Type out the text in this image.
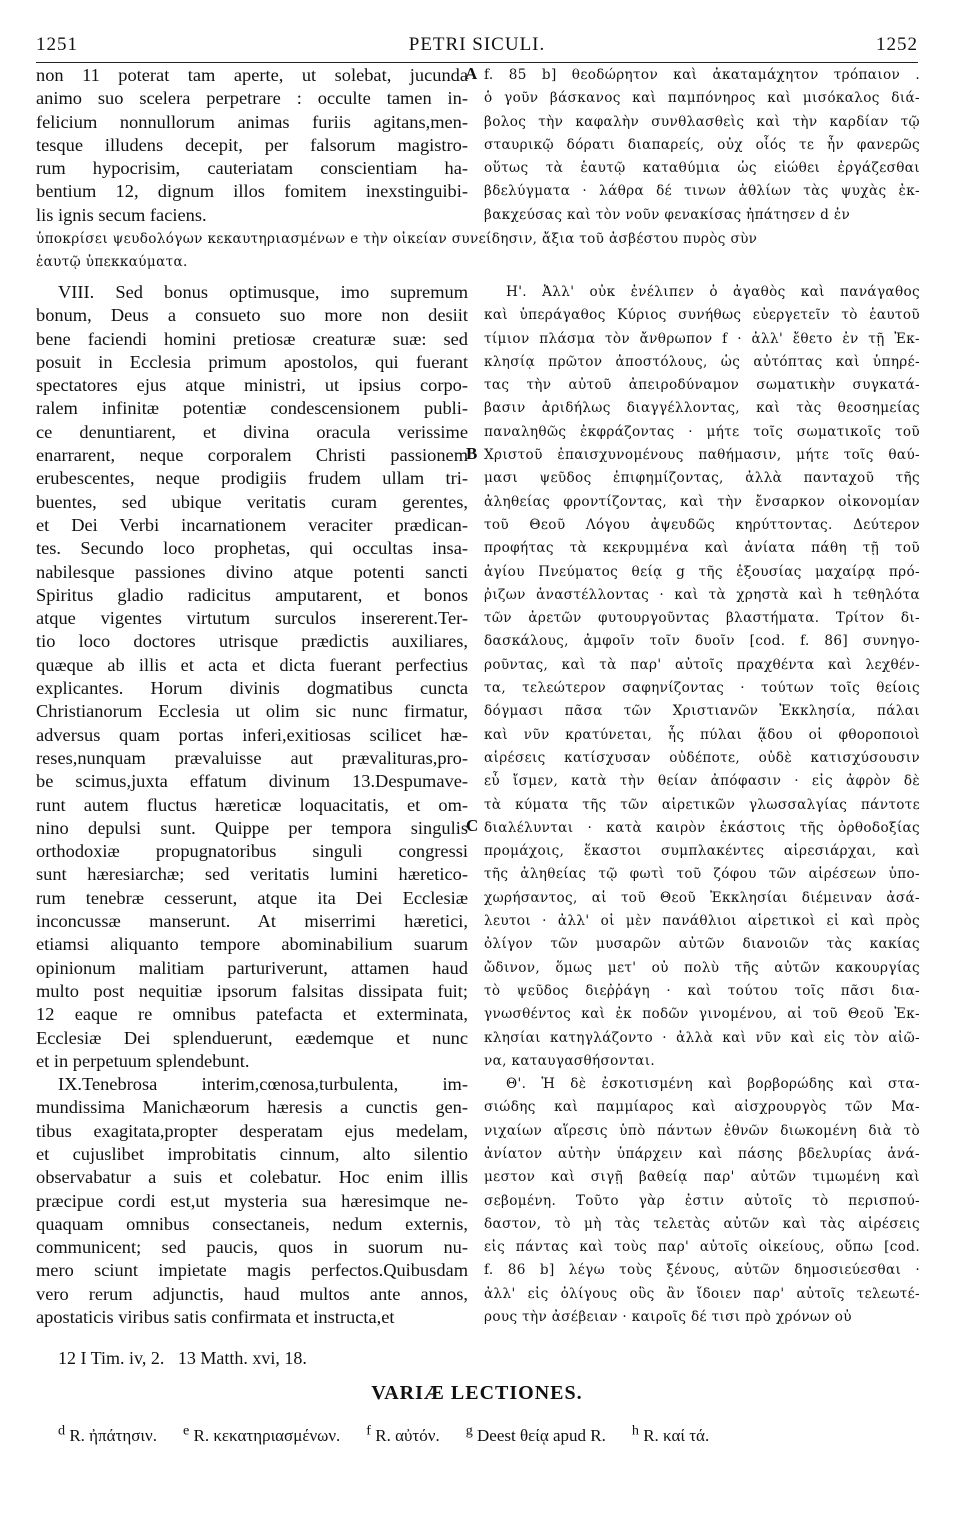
1251	PETRI SICULI.	1252
non 11 poterat tam aperte, ut solebat, jucunda
animo suo scelera perpetrare : occulte tamen in-
felicium nonnullorum animas furiis agitans,men-
tesque illudens decepit, per falsorum magistro-
rum hypocrisim, cauteriatam conscientiam ha-
bentium 12, dignum illos fomitem inexstinguibi-
lis ignis secum faciens.
f. 85 b] θεοδώρητον καὶ ἀκαταμάχητον τρόπαιον .
ὁ γοῦν βάσκανος καὶ παμπόνηρος καὶ μισόκαλος διά-
βολος τὴν καφαλὴν συνθλασθεὶς καὶ τὴν καρδίαν τῷ
σταυρικῷ δόρατι διαπαρείς, οὐχ οἷός τε ἦν φανερῶς
οὕτως τὰ ἑαυτῷ καταθύμια ὡς εἰώθει ἐργάζεσθαι
βδελύγματα · λάθρα δέ τινων ἀθλίων τὰς ψυχὰς ἐκ-
βακχεύσας καὶ τὸν νοῦν φενακίσας ἠπάτησεν d ἐν
A
ὑποκρίσει ψευδολόγων κεκαυτηριασμένων e τὴν οἰκείαν συνείδησιν, ἄξια τοῦ ἀσβέστου πυρὸς σὺν
ἑαυτῷ ὑπεκκαύματα.
VIII. Sed bonus optimusque, imo supremum
bonum, Deus a consueto suo more non desiit
bene faciendi homini pretiosæ creaturæ suæ: sed
posuit in Ecclesia primum apostolos, qui fuerant
spectatores ejus atque ministri, ut ipsius corpo-
ralem infinitæ potentiæ condescensionem publi-
ce denuntiarent, et divina oracula verissime
enarrarent, neque corporalem Christi passionem
erubescentes, neque prodigiis frudem ullam tri-
buentes, sed ubique veritatis curam gerentes,
et Dei Verbi incarnationem veraciter prædican-
tes. Secundo loco prophetas, qui occultas insa-
nabilesque passiones divino atque potenti sancti
Spiritus gladio radicitus amputarent, et bonos
atque vigentes virtutum surculos insererent.Ter-
tio loco doctores utrisque prædictis auxiliares,
quæque ab illis et acta et dicta fuerant perfectius
explicantes. Horum divinis dogmatibus cuncta
Christianorum Ecclesia ut olim sic nunc firmatur,
adversus quam portas inferi,exitiosas scilicet hæ-
reses,nunquam prævaluisse aut prævalituras,pro-
be scimus,juxta effatum divinum 13.Despumave-
runt autem fluctus hæreticæ loquacitatis, et om-
nino depulsi sunt. Quippe per tempora singulis
orthodoxiæ propugnatoribus singuli congressi
sunt hæresiarchæ; sed veritatis lumini hæretico-
rum tenebræ cesserunt, atque ita Dei Ecclesiæ
inconcussæ manserunt. At miserrimi hæretici,
etiamsi aliquanto tempore abominabilium suarum
opinionum malitiam parturiverunt, attamen haud
multo post nequitiæ ipsorum falsitas dissipata fuit;
12 eaque re omnibus patefacta et exterminata,
Ecclesiæ Dei splenduerunt, eædemque et nunc
et in perpetuum splendebunt.
IX.Tenebrosa interim,cœnosa,turbulenta, im-
mundissima Manichæorum hæresis a cunctis gen-
tibus exagitata,propter desperatam ejus medelam,
et cujuslibet improbitatis cinnum, alto silentio
observabatur a suis et colebatur. Hoc enim illis
præcipue cordi est,ut mysteria sua hæresimque ne-
quaquam omnibus consectaneis, nedum externis,
communicent; sed paucis, quos in suorum nu-
mero sciunt impietate magis perfectos.Quibusdam
vero rerum adjunctis, haud multos ante annos,
apostaticis viribus satis confirmata et instructa,et
Η'. Ἀλλ' οὐκ ἐνέλιπεν ὁ ἀγαθὸς καὶ πανάγαθος
καὶ ὑπεράγαθος Κύριος συνήθως εὐεργετεῖν τὸ ἑαυτοῦ
τίμιον πλάσμα τὸν ἄνθρωπον f · ἀλλ' ἔθετο ἐν τῇ Ἐκ-
κλησίᾳ πρῶτον ἀποστόλους, ὡς αὐτόπτας καὶ ὑπηρέ-
τας τὴν αὐτοῦ ἀπειροδύναμον σωματικὴν συγκατά-
βασιν ἀριδήλως διαγγέλλοντας, καὶ τὰς θεοσημείας
παναληθῶς ἐκφράζοντας · μήτε τοῖς σωματικοῖς τοῦ
Χριστοῦ ἐπαισχυνομένους παθήμασιν, μήτε τοῖς θαύ-
μασι ψεῦδος ἐπιφημίζοντας, ἀλλὰ πανταχοῦ τῆς
ἀληθείας φροντίζοντας, καὶ τὴν ἔνσαρκον οἰκονομίαν
τοῦ Θεοῦ Λόγου ἀψευδῶς κηρύττοντας. Δεύτερον
προφήτας τὰ κεκρυμμένα καὶ ἀνίατα πάθη τῇ τοῦ
ἁγίου Πνεύματος θείᾳ g τῆς ἐξουσίας μαχαίρᾳ πρό-
ῤιζων ἀναστέλλοντας · καὶ τὰ χρηστὰ καὶ h τεθηλότα
τῶν ἀρετῶν φυτουργοῦντας βλαστήματα. Τρίτον δι-
δασκάλους, ἀμφοῖν τοῖν δυοῖν [cod. f. 86] συνηγο-
ροῦντας, καὶ τὰ παρ' αὐτοῖς πραχθέντα καὶ λεχθέν-
τα, τελεώτερον σαφηνίζοντας · τούτων τοῖς θείοις
δόγμασι πᾶσα τῶν Χριστιανῶν Ἐκκλησία, πάλαι
καὶ νῦν κρατύνεται, ἧς πύλαι ᾅδου οἱ φθοροποιοὶ
αἱρέσεις κατίσχυσαν οὐδέποτε, οὐδὲ κατισχύσουσιν
εὖ ἴσμεν, κατὰ τὴν θείαν ἀπόφασιν · εἰς ἀφρὸν δὲ
τὰ κύματα τῆς τῶν αἱρετικῶν γλωσσαλγίας πάντοτε
διαλέλυνται · κατὰ καιρὸν ἑκάστοις τῆς ὀρθοδοξίας
προμάχοις, ἕκαστοι συμπλακέντες αἱρεσιάρχαι, καὶ
τῆς ἀληθείας τῷ φωτὶ τοῦ ζόφου τῶν αἱρέσεων ὑπο-
χωρήσαντος, αἱ τοῦ Θεοῦ Ἐκκλησίαι διέμειναν ἀσά-
λευτοι · ἀλλ' οἱ μὲν πανάθλιοι αἱρετικοὶ εἰ καὶ πρὸς
ὀλίγον τῶν μυσαρῶν αὐτῶν διανοιῶν τὰς κακίας
ὤδινον, ὅμως μετ' οὐ πολὺ τῆς αὐτῶν κακουργίας
τὸ ψεῦδος διεῤῥάγη · καὶ τούτου τοῖς πᾶσι δια-
γνωσθέντος καὶ ἐκ ποδῶν γινομένου, αἱ τοῦ Θεοῦ Ἐκ-
κλησίαι κατηγλάζοντο · ἀλλὰ καὶ νῦν καὶ εἰς τὸν αἰῶ-
να, καταυγασθήσονται.
Θ'. Ἡ δὲ ἐσκοτισμένη καὶ βορβορώδης καὶ στα-
σιώδης καὶ παμμίαρος καὶ αἰσχρουργὸς τῶν Μα-
νιχαίων αἵρεσις ὑπὸ πάντων ἐθνῶν διωκομένη διὰ τὸ
ἀνίατον αὐτὴν ὑπάρχειν καὶ πάσης βδελυρίας ἀνά-
μεστον καὶ σιγῇ βαθείᾳ παρ' αὐτῶν τιμωμένη καὶ
σεβομένη. Τοῦτο γὰρ ἐστιν αὐτοῖς τὸ περισπού-
δαστον, τὸ μὴ τὰς τελετὰς αὐτῶν καὶ τὰς αἱρέσεις
εἰς πάντας καὶ τοὺς παρ' αὐτοῖς οἰκείους, οὔπω [cod.
f. 86 b] λέγω τοὺς ξένους, αὐτῶν δημοσιεύεσθαι ·
ἀλλ' εἰς ὀλίγους οὓς ἂν ἴδοιεν παρ' αὐτοῖς τελεωτέ-
ρους τὴν ἀσέβειαν · καιροῖς δέ τισι πρὸ χρόνων οὐ
B
C
12 I Tim. iv, 2.   13 Matth. xvi, 18.
VARIÆ LECTIONES.
$^d$ R. ἠπάτησιν. $^e$ R. κεκατηριασμένων. $^f$ R. αὐτόν. $^g$ Deest θείᾳ apud R. $^h$ R. καί τά.
